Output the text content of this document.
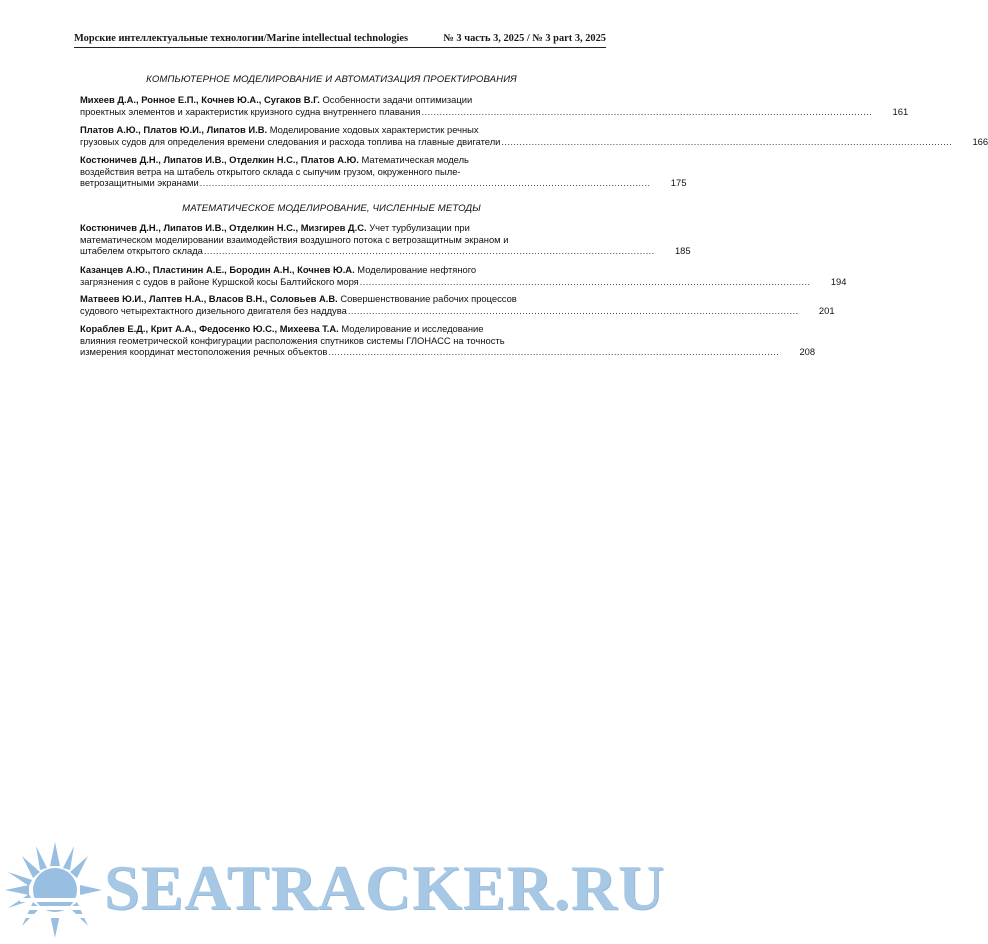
Морские интеллектуальные технологии/Marine intellectual technologies	№ 3 часть 3, 2025 / № 3 part 3, 2025
КОМПЬЮТЕРНОЕ МОДЕЛИРОВАНИЕ И АВТОМАТИЗАЦИЯ ПРОЕКТИРОВАНИЯ
Михеев Д.А., Ронное Е.П., Кочнев Ю.А., Сугаков В.Г. Особенности задачи оптимизации
проектных элементов и характеристик круизного судна внутреннего плавания ......................................................................................................................................................	161
Платов А.Ю., Платов Ю.И., Липатов И.В. Моделирование ходовых характеристик речных
грузовых судов для определения времени следования и расхода топлива на главные двигатели ......................................................................................................................................................	166
Костюничев Д.Н., Липатов И.В., Отделкин Н.С., Платов А.Ю. Математическая модель
воздействия ветра на штабель открытого склада с сыпучим грузом, окруженного пыле-
ветрозащитными экранами ......................................................................................................................................................	175
МАТЕМАТИЧЕСКОЕ МОДЕЛИРОВАНИЕ, ЧИСЛЕННЫЕ МЕТОДЫ
Костюничев Д.Н., Липатов И.В., Отделкин Н.С., Мизгирев Д.С. Учет турбулизации при
математическом моделировании взаимодействия воздушного потока с ветрозащитным экраном и
штабелем открытого склада ......................................................................................................................................................	185
Казанцев А.Ю., Пластинин А.Е., Бородин А.Н., Кочнев Ю.А. Моделирование нефтяного
загрязнения с судов в районе Куршской косы Балтийского моря ......................................................................................................................................................	194
Матвеев Ю.И., Лаптев Н.А., Власов В.Н., Соловьев А.В. Совершенствование рабочих процессов
судового четырехтактного дизельного двигателя без наддува ......................................................................................................................................................	201
Кораблев Е.Д., Крит А.А., Федосенко Ю.С., Михеева Т.А. Моделирование и исследование
влияния геометрической конфигурации расположения спутников системы ГЛОНАСС на точность
измерения координат местоположения речных объектов ......................................................................................................................................................	208
SEATRACKER.RU
